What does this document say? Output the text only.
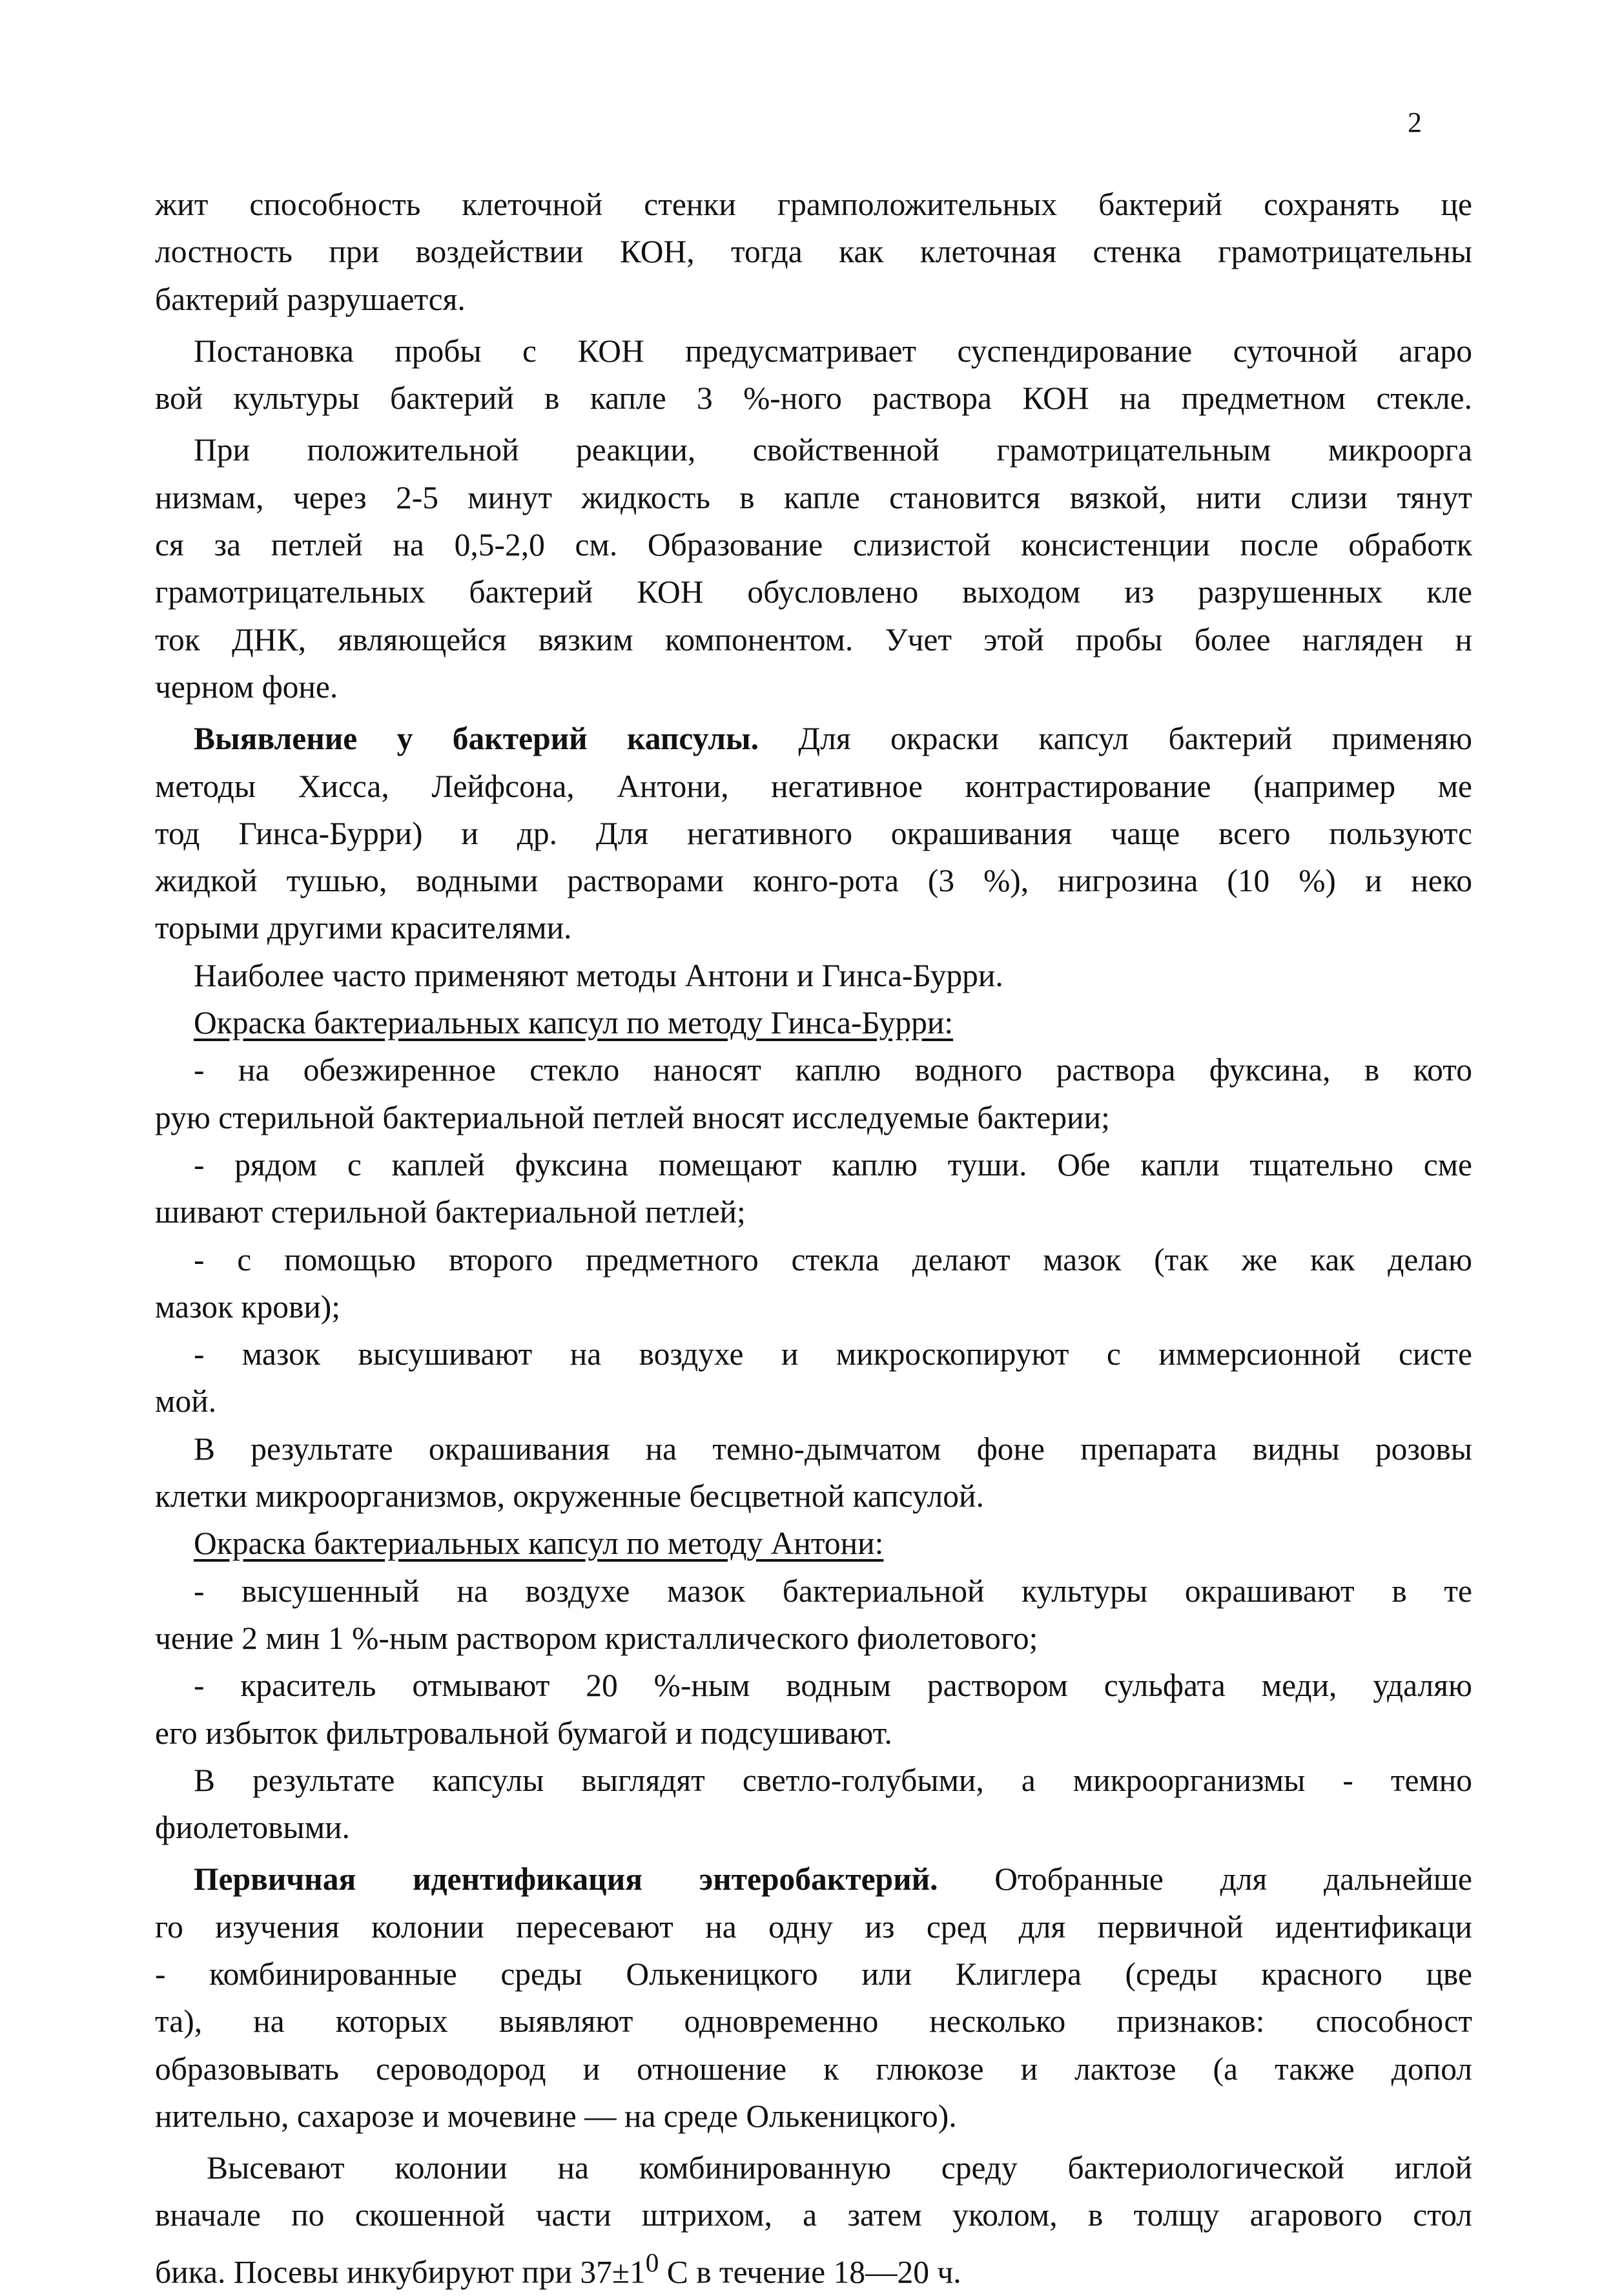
2

жит способность клеточной стенки грамположительных бактерий сохранять це

лостность при воздействии КОН, тогда как клеточная стенка грамотрицательны

бактерий разрушается.

Постановка пробы с КОН предусматривает суспендирование суточной агаро

вой культуры бактерий в капле 3 %-ного раствора КОН на предметном стекле.

При положительной реакции, свойственной грамотрицательным микроорга

низмам, через 2-5 минут жидкость в капле становится вязкой, нити слизи тянут

ся за петлей на 0,5-2,0 см. Образование слизистой консистенции после обработк

грамотрицательных бактерий КОН обусловлено выходом из разрушенных кле

ток ДНК, являющейся вязким компонентом. Учет этой пробы более нагляден н

черном фоне.

Выявление у бактерий капсулы. Для окраски капсул бактерий применяю

методы Хисса, Лейфсона, Антони, негативное контрастирование (например ме

тод Гинса-Бурри) и др. Для негативного окрашивания чаще всего пользуютс

жидкой тушью, водными растворами конго-рота (3 %), нигрозина (10 %) и неко

торыми другими красителями.

Наиболее часто применяют методы Антони и Гинса-Бурри.

Окраска бактериальных капсул по методу Гинса-Бурри:

- на обезжиренное стекло наносят каплю водного раствора фуксина, в кото

рую стерильной бактериальной петлей вносят исследуемые бактерии;

- рядом с каплей фуксина помещают каплю туши. Обе капли тщательно сме

шивают стерильной бактериальной петлей;

- с помощью второго предметного стекла делают мазок (так же как делаю

мазок крови);

- мазок высушивают на воздухе и микроскопируют с иммерсионной систе

мой.

В результате окрашивания на темно-дымчатом фоне препарата видны розовы

клетки микроорганизмов, окруженные бесцветной капсулой.

Окраска бактериальных капсул по методу Антони:

- высушенный на воздухе мазок бактериальной культуры окрашивают в те

чение 2 мин 1 %-ным раствором кристаллического фиолетового;

- краситель отмывают 20 %-ным водным раствором сульфата меди, удаляю

его избыток фильтровальной бумагой и подсушивают.

В результате капсулы выглядят светло-голубыми, а микроорганизмы - темно

фиолетовыми.

Первичная идентификация энтеробактерий. Отобранные для дальнейше

го изучения колонии пересевают на одну из сред для первичной идентификаци

- комбинированные среды Олькеницкого или Клиглера (среды красного цве

та), на которых выявляют одновременно несколько признаков: способност

образовывать сероводород и отношение к глюкозе и лактозе (а также допол

нительно, сахарозе и мочевине — на среде Олькеницкого).

Высевают колонии на комбинированную среду бактериологической иглой

вначале по скошенной части штрихом, а затем уколом, в толщу агарового стол

бика. Посевы инкубируют при $37\pm 1^0$ С в течение 18—20 ч.
